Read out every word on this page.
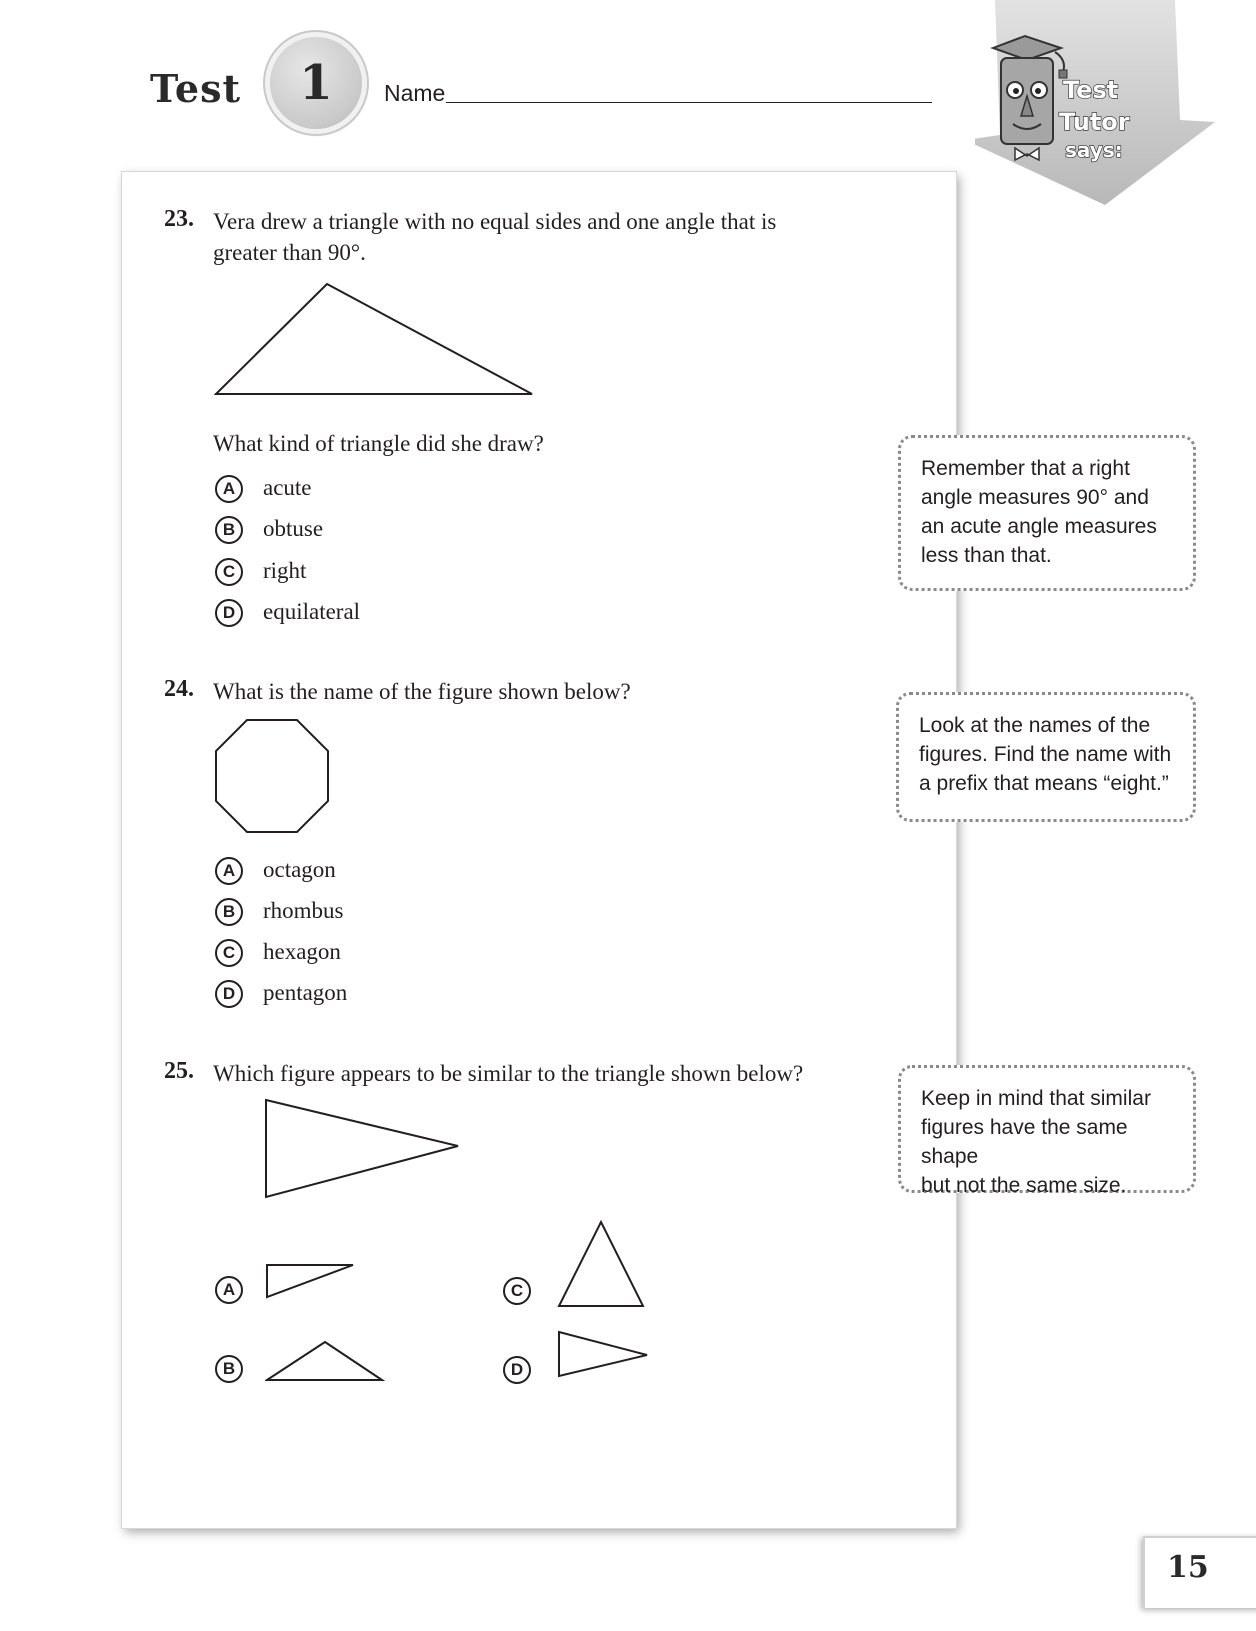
Test 1 Name	Test
Tutor
says:
23. Vera drew a triangle with no equal sides and one angle that is
greater than 90°.
What kind of triangle did she draw?
A	acute
B	obtuse
C	right
D	equilateral
24. What is the name of the figure shown below?
A	octagon
B	rhombus
C	hexagon
D	pentagon
25. Which figure appears to be similar to the triangle shown below?
A
B
C
D
Remember that a right
angle measures 90° and
an acute angle measures
less than that.
Look at the names of the
figures. Find the name with
a prefix that means “eight.”
Keep in mind that similar
figures have the same shape
but not the same size.
15
